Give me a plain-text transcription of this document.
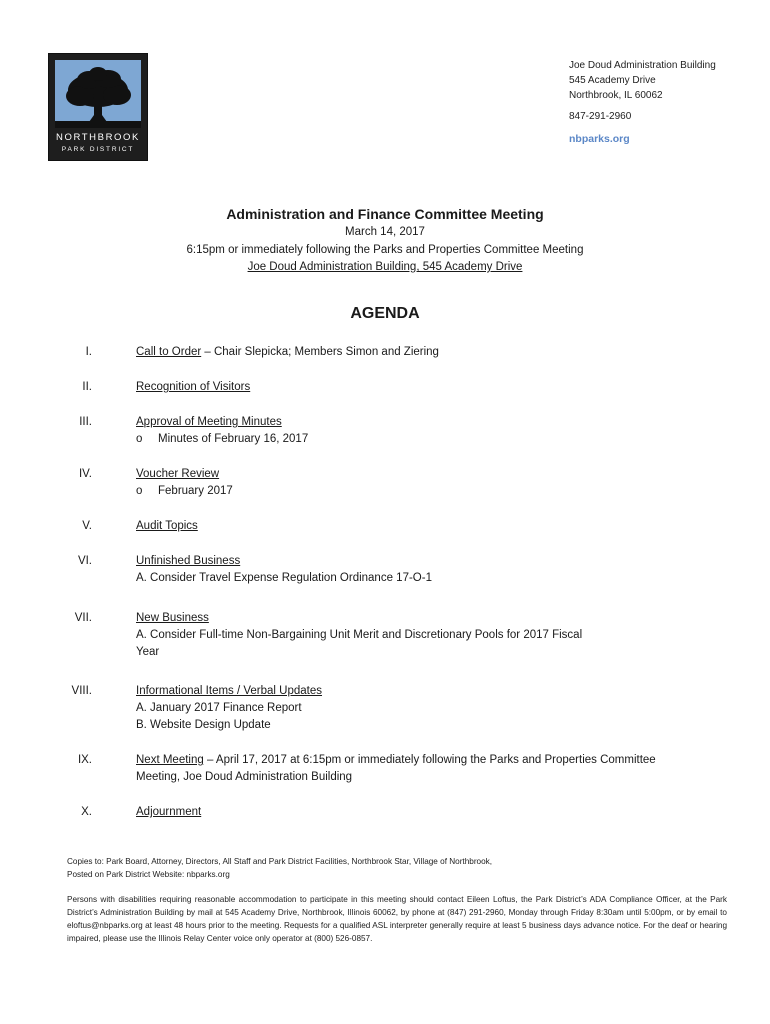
NORTHBROOK
PARK DISTRICT
Joe Doud Administration Building
545 Academy Drive
Northbrook, IL 60062
847-291-2960
nbparks.org
Administration and Finance Committee Meeting
March 14, 2017
6:15pm or immediately following the Parks and Properties Committee Meeting
Joe Doud Administration Building, 545 Academy Drive
AGENDA
I.	Call to Order – Chair Slepicka; Members Simon and Ziering
II.	Recognition of Visitors
III.	Approval of Meeting Minutes
o Minutes of February 16, 2017
IV.	Voucher Review
o February 2017
V.	Audit Topics
VI.	Unfinished Business
A. Consider Travel Expense Regulation Ordinance 17-O-1
VII.	New Business
A. Consider Full-time Non-Bargaining Unit Merit and Discretionary Pools for 2017 Fiscal
Year
VIII.	Informational Items / Verbal Updates
A. January 2017 Finance Report
B. Website Design Update
IX.	Next Meeting – April 17, 2017 at 6:15pm or immediately following the Parks and Properties Committee
Meeting, Joe Doud Administration Building
X.	Adjournment
Copies to: Park Board, Attorney, Directors, All Staff and Park District Facilities, Northbrook Star, Village of Northbrook,
Posted on Park District Website: nbparks.org
Persons with disabilities requiring reasonable accommodation to participate in this meeting should contact Eileen Loftus, the Park District’s ADA Compliance Officer, at the Park District’s Administration Building by mail at 545 Academy Drive, Northbrook, Illinois 60062, by phone at (847) 291-2960, Monday through Friday 8:30am until 5:00pm, or by email to eloftus@nbparks.org at least 48 hours prior to the meeting. Requests for a qualified ASL interpreter generally require at least 5 business days advance notice. For the deaf or hearing impaired, please use the Illinois Relay Center voice only operator at (800) 526-0857.
